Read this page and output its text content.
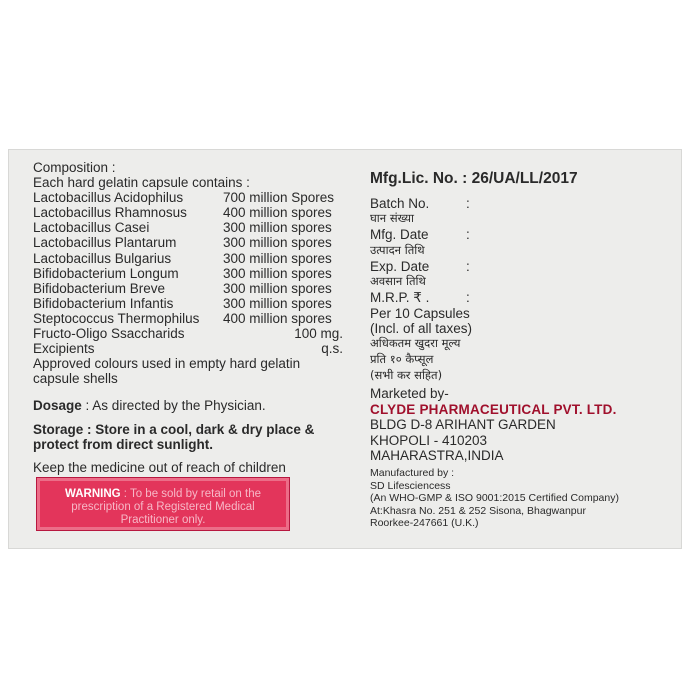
Composition :
Each hard gelatin capsule contains :
Lactobacillus Acidophilus	700 million Spores
Lactobacillus Rhamnosus	400 million spores
Lactobacillus Casei	300 million spores
Lactobacillus Plantarum	300 million spores
Lactobacillus Bulgarius	300 million spores
Bifidobacterium Longum	300 million spores
Bifidobacterium Breve	300 million spores
Bifidobacterium Infantis	300 million spores
Steptococcus Thermophilus	400 million spores
Fructo-Oligo Ssaccharids	100 mg.
Excipients	q.s.
Approved colours used in empty hard gelatin
capsule shells
Dosage : As directed by the Physician.
Storage : Store in a cool, dark & dry place &
protect from direct sunlight.
Keep the medicine out of reach of children
WARNING : To be sold by retail on the
prescription of a Registered Medical
Practitioner only.
Mfg.Lic. No. : 26/UA/LL/2017
Batch No.	:
घान संख्या
Mfg. Date	:
उत्पादन तिथि
Exp. Date	:
अवसान तिथि
M.R.P. ₹ .	:
Per 10 Capsules
(Incl. of all taxes)
अधिकतम खुदरा मूल्य
प्रति १० कैप्सूल
(सभी कर सहित)
Marketed by-
CLYDE PHARMACEUTICAL PVT. LTD.
BLDG D-8 ARIHANT GARDEN
KHOPOLI - 410203
MAHARASTRA,INDIA
Manufactured by :
SD Lifesciencess
(An WHO-GMP & ISO 9001:2015 Certified Company)
At:Khasra No. 251 & 252 Sisona, Bhagwanpur
Roorkee-247661 (U.K.)
